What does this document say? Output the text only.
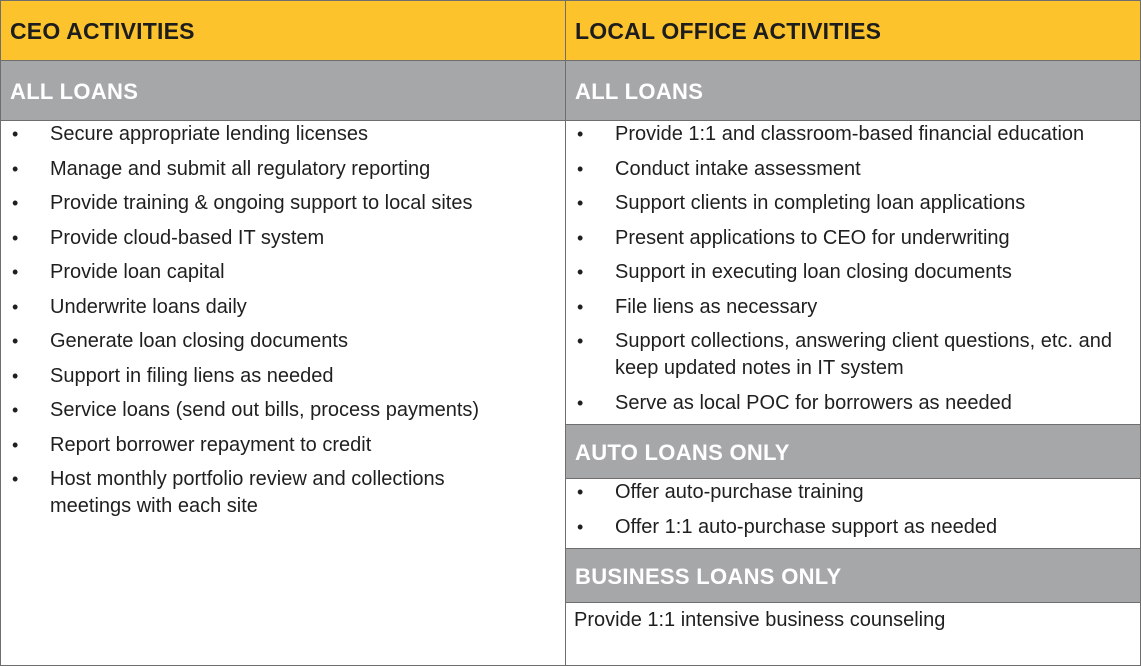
CEO ACTIVITIES
ALL LOANS
• Secure appropriate lending licenses
• Manage and submit all regulatory reporting
• Provide training & ongoing support to local sites
• Provide cloud-based IT system
• Provide loan capital
• Underwrite loans daily
• Generate loan closing documents
• Support in filing liens as needed
• Service loans (send out bills, process payments)
• Report borrower repayment to credit
• Host monthly portfolio review and collections meetings with each site
LOCAL OFFICE ACTIVITIES
ALL LOANS
• Provide 1:1 and classroom-based financial education
• Conduct intake assessment
• Support clients in completing loan applications
• Present applications to CEO for underwriting
• Support in executing loan closing documents
• File liens as necessary
• Support collections, answering client questions, etc. and keep updated notes in IT system
• Serve as local POC for borrowers as needed
AUTO LOANS ONLY
• Offer auto-purchase training
• Offer 1:1 auto-purchase support as needed
BUSINESS LOANS ONLY
Provide 1:1 intensive business counseling
